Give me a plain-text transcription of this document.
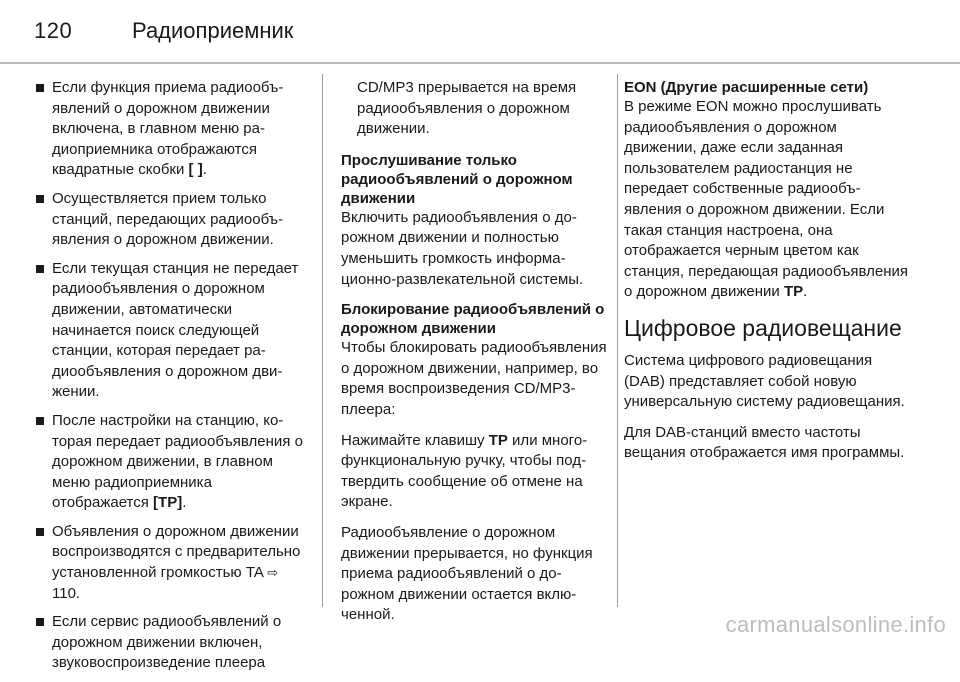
120	Радиоприемник
Если функция приема радиообъявлений о дорожном движении включена, в главном меню радиоприемника отображаются квадратные скобки [ ].
Осуществляется прием только станций, передающих радиообъявления о дорожном движении.
Если текущая станция не передает радиообъявления о дорожном движении, автоматически начинается поиск следующей станции, которая передает радиообъявления о дорожном движении.
После настройки на станцию, которая передает радиообъявления о дорожном движении, в главном меню радиоприемника отображается [TP].
Объявления о дорожном движении воспроизводятся с предварительно установленной громкостью TA ⇨ 110.
Если сервис радиообъявлений о дорожном движении включен, звуковоспроизведение плеера

CD/MP3 прерывается на время радиообъявления о дорожном движении.

Прослушивание только радиообъявлений о дорожном движении

Включить радиообъявления о дорожном движении и полностью уменьшить громкость информационно-развлекательной системы.

Блокирование радиообъявлений о дорожном движении

Чтобы блокировать радиообъявления о дорожном движении, например, во время воспроизведения CD/MP3-плеера:

Нажимайте клавишу TP или многофункциональную ручку, чтобы подтвердить сообщение об отмене на экране.

Радиообъявление о дорожном движении прерывается, но функция приема радиообъявлений о дорожном движении остается включенной.

EON (Другие расширенные сети)

В режиме EON можно прослушивать радиообъявления о дорожном движении, даже если заданная пользователем радиостанция не передает собственные радиообъявления о дорожном движении. Если такая станция настроена, она отображается черным цветом как станция, передающая радиообъявления о дорожном движении TP.

Цифровое радиовещание

Система цифрового радиовещания (DAB) представляет собой новую универсальную систему радиовещания.

Для DAB-станций вместо частоты вещания отображается имя программы.

carmanualsonline.info
